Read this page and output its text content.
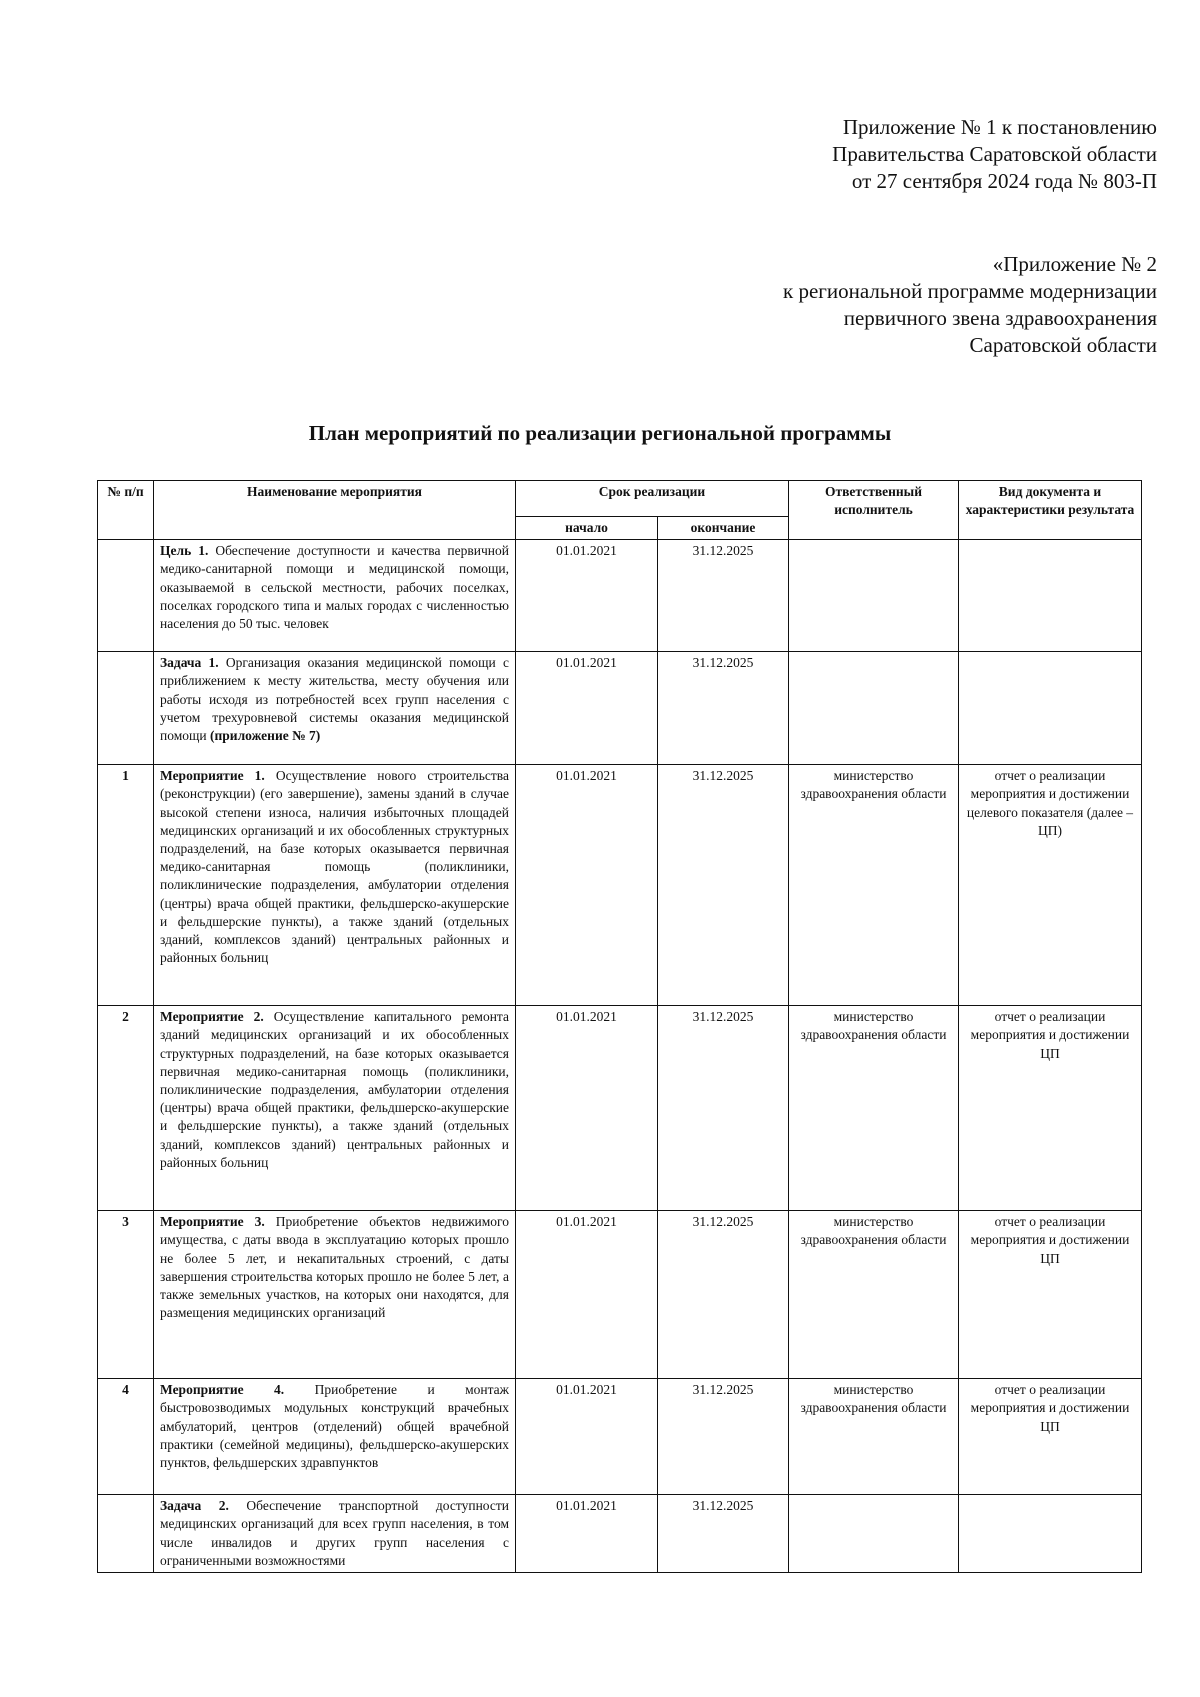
Приложение № 1 к постановлению
Правительства Саратовской области
от 27 сентября 2024 года № 803-П
«Приложение № 2
к региональной программе модернизации
первичного звена здравоохранения
Саратовской области
План мероприятий по реализации региональной программы
№ п/п	Наименование мероприятия	Срок реализации		Ответственный исполнитель	Вид документа и характеристики результата
		начало	окончание		
	Цель 1. Обеспечение доступности и качества первичной медико-санитарной помощи и медицинской помощи, оказываемой в сельской местности, рабочих поселках, поселках городского типа и малых городах с численностью населения до 50 тыс. человек	01.01.2021	31.12.2025		
	Задача 1. Организация оказания медицинской помощи с приближением к месту жительства, месту обучения или работы исходя из потребностей всех групп населения с учетом трехуровневой системы оказания медицинской помощи (приложение № 7)	01.01.2021	31.12.2025		
1	Мероприятие 1. Осуществление нового строительства (реконструкции) (его завершение), замены зданий в случае высокой степени износа, наличия избыточных площадей медицинских организаций и их обособленных структурных подразделений, на базе которых оказывается первичная медико-санитарная помощь (поликлиники, поликлинические подразделения, амбулатории отделения (центры) врача общей практики, фельдшерско-акушерские и фельдшерские пункты), а также зданий (отдельных зданий, комплексов зданий) центральных районных и районных больниц	01.01.2021	31.12.2025	министерство здравоохранения области	отчет о реализации мероприятия и достижении целевого показателя (далее – ЦП)
2	Мероприятие 2. Осуществление капитального ремонта зданий медицинских организаций и их обособленных структурных подразделений, на базе которых оказывается первичная медико-санитарная помощь (поликлиники, поликлинические подразделения, амбулатории отделения (центры) врача общей практики, фельдшерско-акушерские и фельдшерские пункты), а также зданий (отдельных зданий, комплексов зданий) центральных районных и районных больниц	01.01.2021	31.12.2025	министерство здравоохранения области	отчет о реализации мероприятия и достижении ЦП
3	Мероприятие 3. Приобретение объектов недвижимого имущества, с даты ввода в эксплуатацию которых прошло не более 5 лет, и некапитальных строений, с даты завершения строительства которых прошло не более 5 лет, а также земельных участков, на которых они находятся, для размещения медицинских организаций	01.01.2021	31.12.2025	министерство здравоохранения области	отчет о реализации мероприятия и достижении ЦП
4	Мероприятие 4. Приобретение и монтаж быстровозводимых модульных конструкций врачебных амбулаторий, центров (отделений) общей врачебной практики (семейной медицины), фельдшерско-акушерских пунктов, фельдшерских здравпунктов	01.01.2021	31.12.2025	министерство здравоохранения области	отчет о реализации мероприятия и достижении ЦП
	Задача 2. Обеспечение транспортной доступности медицинских организаций для всех групп населения, в том числе инвалидов и других групп населения с ограниченными возможностями	01.01.2021	31.12.2025		
